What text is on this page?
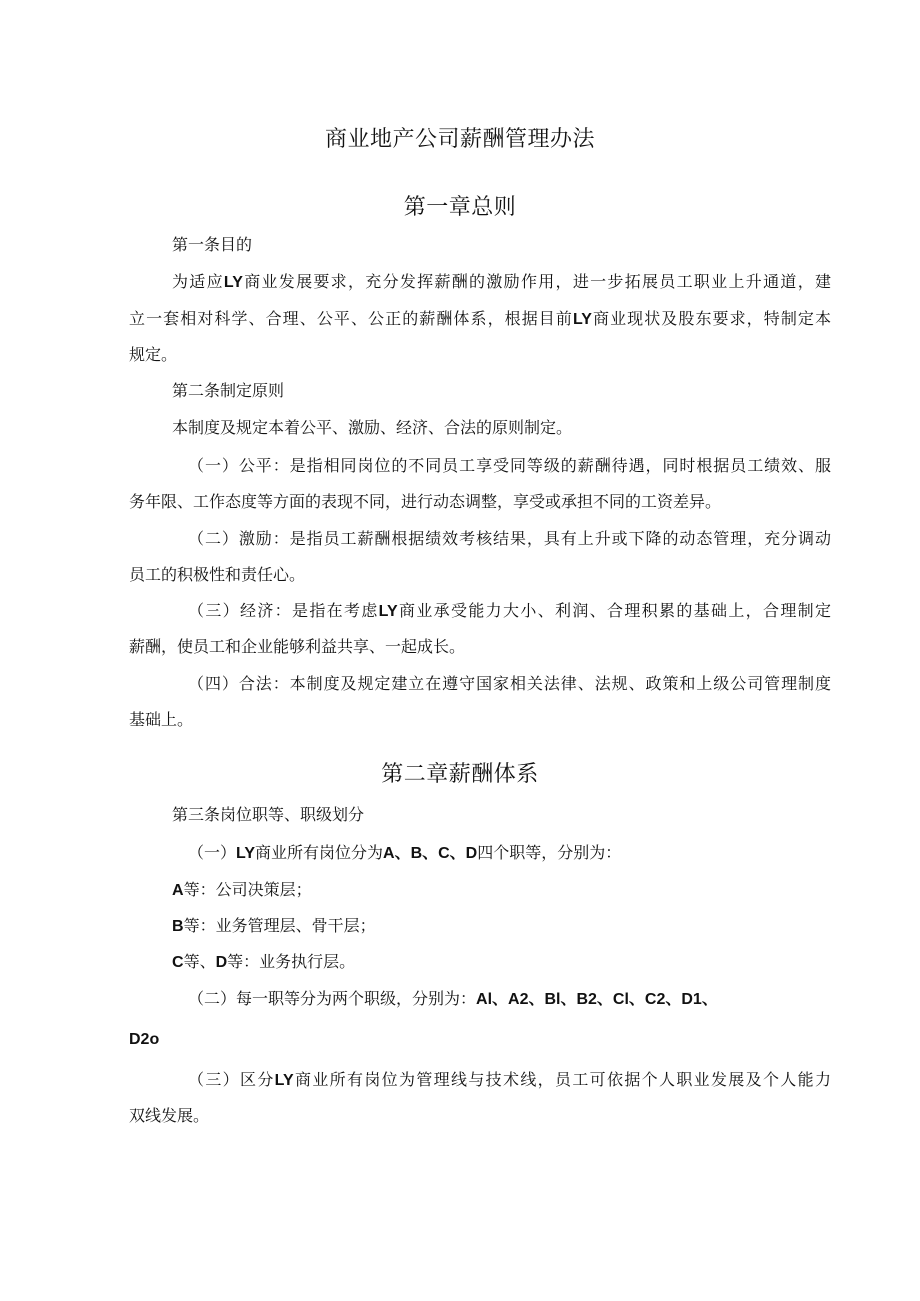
商业地产公司薪酬管理办法
第一章总则

第一条目的

为适应LY商业发展要求，充分发挥薪酬的激励作用，进一步拓展员工职业上升通道，建

立一套相对科学、合理、公平、公正的薪酬体系，根据目前LY商业现状及股东要求，特制定本

规定。

第二条制定原则

本制度及规定本着公平、激励、经济、合法的原则制定。

（一）公平：是指相同岗位的不同员工享受同等级的薪酬待遇，同时根据员工绩效、服

务年限、工作态度等方面的表现不同，进行动态调整，享受或承担不同的工资差异。

（二）激励：是指员工薪酬根据绩效考核结果，具有上升或下降的动态管理，充分调动

员工的积极性和责任心。

（三）经济：是指在考虑LY商业承受能力大小、利润、合理积累的基础上，合理制定

薪酬，使员工和企业能够利益共享、一起成长。

（四）合法：本制度及规定建立在遵守国家相关法律、法规、政策和上级公司管理制度

基础上。

第二章薪酬体系

第三条岗位职等、职级划分

（一）LY商业所有岗位分为A、B、C、D四个职等，分别为：

A等：公司决策层；

B等：业务管理层、骨干层；

C等、D等：业务执行层。

（二）每一职等分为两个职级，分别为：Al、A2、Bl、B2、Cl、C2、D1、

D2o

（三）区分LY商业所有岗位为管理线与技术线，员工可依据个人职业发展及个人能力

双线发展。
